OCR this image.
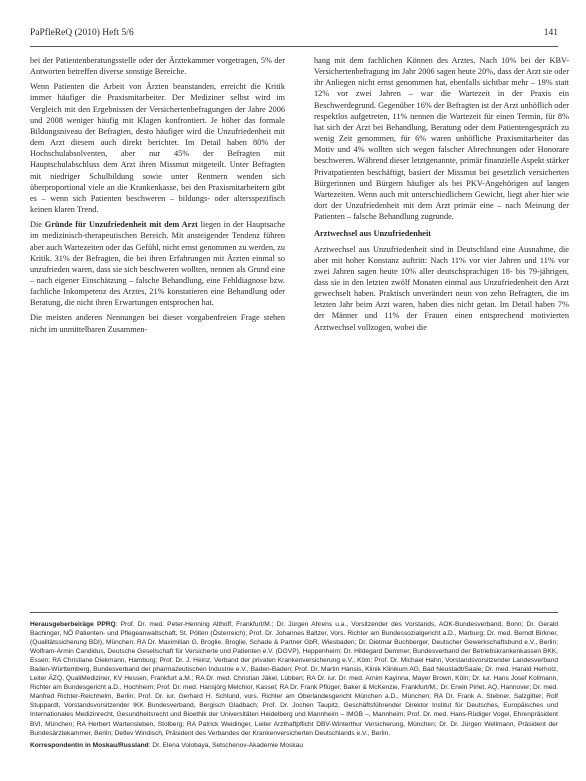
PaPfleReQ (2010) Heft 5/6	141

bei der Patientenberatungsstelle oder der Ärztekammer vorgetragen, 5% der Antworten betreffen diverse sonstige Bereiche.

Wenn Patienten die Arbeit von Ärzten beanstanden, erreicht die Kritik immer häufiger die Praxismitarbeiter. Der Mediziner selbst wird im Vergleich mit den Ergebnissen der Versichertenbefragungen der Jahre 2006 und 2008 weniger häufig mit Klagen konfrontiert. Je höher das formale Bildungsniveau der Befragten, desto häufiger wird die Unzufriedenheit mit dem Arzt diesem auch direkt berichtet. Im Detail haben 80% der Hochschulabsolventen, aber nur 45% der Befragten mit Hauptschulabschluss dem Arzt ihren Missmut mitgeteilt. Unter Befragten mit niedriger Schulbildung sowie unter Rentnern wenden sich überproportional viele an die Krankenkasse, bei den Praxismitarbeitern gibt es – wenn sich Patienten beschweren – bildungs- oder altersspezifisch keinen klaren Trend.

Die Gründe für Unzufriedenheit mit dem Arzt liegen in der Hauptsache im medizinisch-therapeutischen Bereich. Mit ansteigender Tendenz führen aber auch Wartezeiten oder das Gefühl, nicht ernst genommen zu werden, zu Kritik. 31% der Befragten, die bei ihren Erfahrungen mit Ärzten einmal so unzufrieden waren, dass sie sich beschweren wollten, nennen als Grund eine – nach eigener Einschätzung – falsche Behandlung, eine Fehldiagnose bzw. fachliche Inkompetenz des Arztes, 21% konstatieren eine Behandlung oder Beratung, die nicht ihren Erwartungen entsprochen hat.

Die meisten anderen Nennungen bei dieser vorgabenfreien Frage stehen nicht im unmittelbaren Zusammen-

hang mit dem fachlichen Können des Arztes. Nach 10% bei der KBV-Versichertenbefragung im Jahr 2006 sagen heute 20%, dass der Arzt sie oder ihr Anliegen nicht ernst genommen hat, ebenfalls sichtbar mehr – 19% statt 12% vor zwei Jahren – war die Wartezeit in der Praxis ein Beschwerdegrund. Gegenüber 16% der Befragten ist der Arzt unhöflich oder respektlos aufgetreten, 11% nennen die Wartezeit für einen Termin, für 8% hat sich der Arzt bei Behandlung, Beratung oder dem Patientengespräch zu wenig Zeit genommen, für 6% waren unhöfliche Praxismitarbeiter das Motiv und 4% wollten sich wegen falscher Abrechnungen oder Honorare beschweren. Während dieser letztgenannte, primär finanzielle Aspekt stärker Privatpatienten beschäftigt, basiert der Missmut bei gesetzlich versicherten Bürgerinnen und Bürgern häufiger als bei PKV-Angehörigen auf langen Wartezeiten. Wenn auch mit unterschiedlichem Gewicht, liegt aber hier wie dort der Unzufriedenheit mit dem Arzt primär eine – nach Meinung der Patienten – falsche Behandlung zugrunde.

Arztwechsel aus Unzufriedenheit

Arztwechsel aus Unzufriedenheit sind in Deutschland eine Ausnahme, die aber mit hoher Konstanz auftritt: Nach 11% vor vier Jahren und 11% vor zwei Jahren sagen heute 10% aller deutschsprachigen 18- bis 79-jährigen, dass sie in den letzten zwölf Monaten einmal aus Unzufriedenheit den Arzt gewechselt haben. Praktisch unverändert neun von zehn Befragten, die im letzten Jahr beim Arzt waren, haben dies nicht getan. Im Detail haben 7% der Männer und 11% der Frauen einen entsprechend motivierten Arztwechsel vollzogen, wobei die

Herausgeberbeiräge PPRQ: Prof. Dr. med. Peter-Henning Althoff, Frankfurt/M.; Dr. Jürgen Ahrens u.a., Vorsitzender des Vorstands, AOK-Bundesverband, Bonn; Dr. Gerald Bachinger, NÖ Patienten- und Pflegeanwaltschaft, St. Pölten (Österreich); Prof. Dr. Johannes Baltzer, Vors. Richter am Bundessozialgericht a.D., Marburg; Dr. med. Berndt Birkner, (Qualitätssicherung BDI), München; RA Dr. Maximilian G. Broglie, Broglie, Schade & Partner GbR, Wiesbaden; Dr. Dietmar Buchberger, Deutscher Gewerkschaftsbund e.V., Berlin; Wolfram-Armin Candidus, Deutsche Gesellschaft für Versicherte und Patienten e.V. (DGVP), Heppenheim; Dr. Hildegard Demmer, Bundesverband der Betriebskrankenkassen BKK, Essen; RA Christiane Diekmann, Hamburg; Prof. Dr. J. Heinz, Verband der privaten Krankenversicherung e.V., Köln; Prof. Dr. Michael Hahn, Vorstandsvorsitzender Landesverband Baden-Württemberg, Bundesverband der pharmazeutischen Industrie e.V., Baden-Baden; Prof. Dr. Martin Hansis, Klinik Klinikum AG, Bad Neustadt/Saale; Dr. med. Harald Herholz, Leiter ÄZQ, QualiMediziner, KV Hessen, Frankfurt a.M.; RA Dr. med. Christian Jäkel, Lübben; RA Dr. iur. Dr. med. Arnim Kayinna, Mayer Brown, Köln; Dr. iur. Hans Josef Kollmann, Richter am Bundesgericht a.D., Hochheim; Prof. Dr. med. Hansjörg Melchior, Kassel; RA Dr. Frank Pflüger, Baker & McKenzie, Frankfurt/M.; Dr. Erwin Pirlet, AQ, Hannover; Dr. med. Manfred Richter-Reichhelm, Berlin; Prof. Dr. iur. Gerhard H. Schlund, vors. Richter am Oberlandesgericht München a.D., München; RA Dr. Frank A. Stebner, Salzgitter; Rolf Stuppardt, Vorstandsvorsitzender IKK Bundesverband, Bergisch Gladbach; Prof. Dr. Jochen Taupitz, Geschäftsführender Direktor Institut für Deutsches, Europäisches und Internationales Medizinrecht, Gesundheitsrecht und Bioethik der Universitäten Heidelberg und Mannheim – IMGB –, Mannheim; Prof. Dr. med. Hans-Rüdiger Vogel, Ehrenpräsident BVI, München; RA Herbert Wartensleben, Stolberg; RA Patrick Weidinger, Leiter Arzthaftpflicht DBV-Winterthur Versicherung, München; Dr. Dr. Jürgen Wellmann, Präsident der Bundesärztekammer, Berlin; Detlev Windisch, Präsident des Verbandes der Krankenversicherten Deutschlands e.V., Berlin.

Korrespondentin in Moskau/Russland: Dr. Elena Volobaya, Setschenov-Akademie Moskau
